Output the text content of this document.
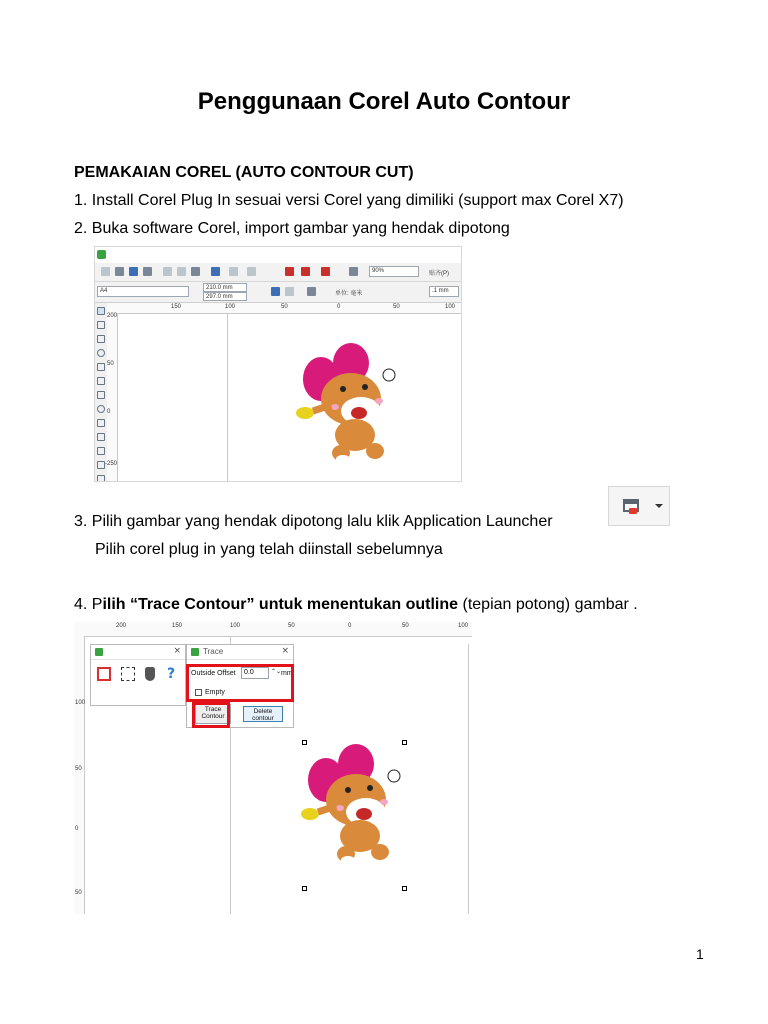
Penggunaan Corel Auto Contour
PEMAKAIAN COREL (AUTO CONTOUR CUT)
1. Install Corel Plug In sesuai versi Corel yang dimiliki (support max Corel X7)
2. Buka software Corel, import gambar yang hendak dipotong
90%	贴齐(P)
A4	210.0 mm
297.0 mm	单位: 毫米	.1 mm
150	100	50	0	50	100
200
50
0
-250
3. Pilih gambar yang hendak dipotong lalu klik Application Launcher
Pilih corel plug in yang telah diinstall sebelumnya
4. Pilih “Trace Contour” untuk menentukan outline (tepian potong) gambar .
200	150	100	50	0	50	100
100
50
0
50
×
?
Trace	×
Outside Offset	0.0	⌃⌄ mm
Empty
Trace Contour
Delete contour
1
